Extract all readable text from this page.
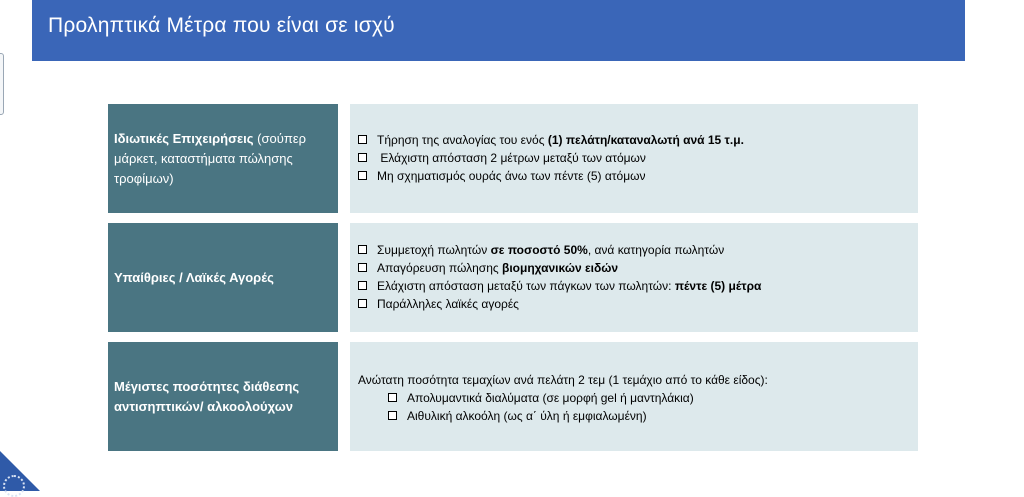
Προληπτικά Μέτρα που είναι σε ισχύ
Ιδιωτικές Επιχειρήσεις (σούπερ μάρκετ, καταστήματα πώλησης τροφίμων)
Τήρηση της αναλογίας του ενός (1) πελάτη/καταναλωτή ανά 15 τ.μ.
Ελάχιστη απόσταση 2 μέτρων μεταξύ των ατόμων
Μη σχηματισμός ουράς άνω των πέντε (5) ατόμων
Υπαίθριες / Λαϊκές Αγορές
Συμμετοχή πωλητών σε ποσοστό 50%, ανά κατηγορία πωλητών
Απαγόρευση πώλησης βιομηχανικών ειδών
Ελάχιστη απόσταση μεταξύ των πάγκων των πωλητών: πέντε (5) μέτρα
Παράλληλες λαϊκές αγορές
Μέγιστες ποσότητες διάθεσης αντισηπτικών/ αλκοολούχων
Ανώτατη ποσότητα τεμαχίων ανά πελάτη 2 τεμ (1 τεμάχιο από το κάθε είδος):
Απολυμαντικά διαλύματα (σε μορφή gel ή μαντηλάκια)
Αιθυλική αλκοόλη (ως α΄ ύλη ή εμφιαλωμένη)
